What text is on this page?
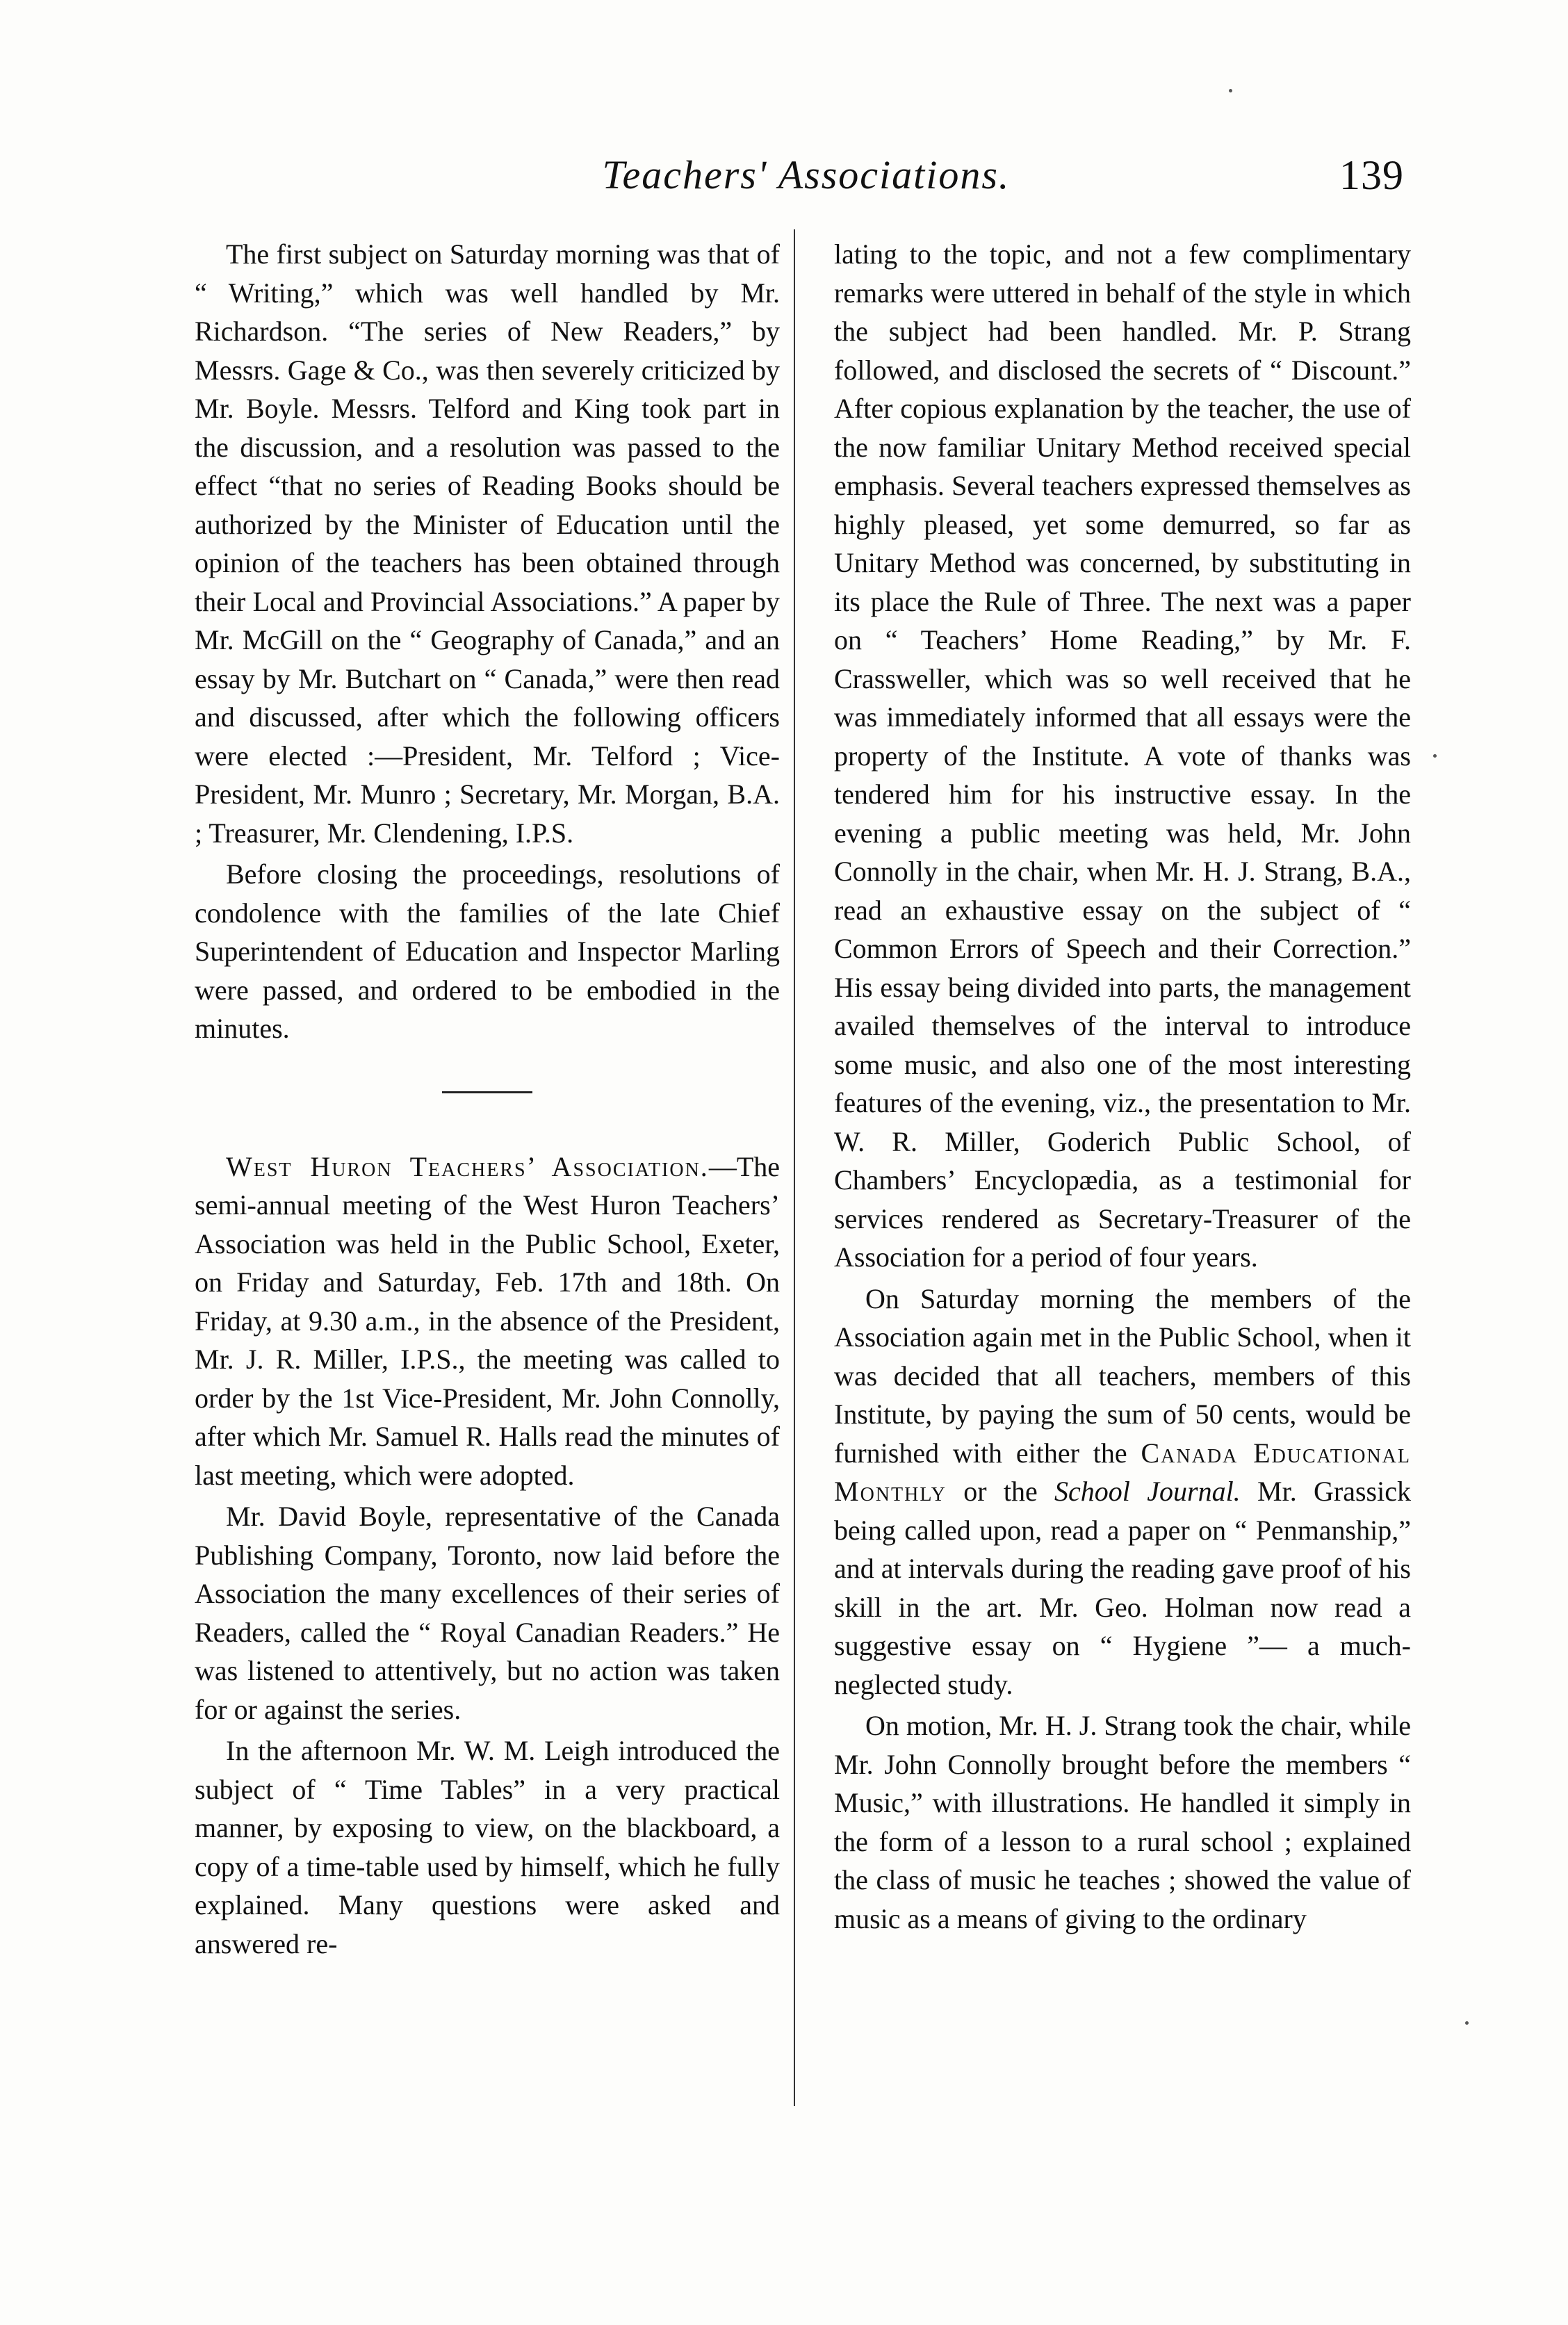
Teachers' Associations.	139

The first subject on Saturday morning was that of “ Writing,” which was well handled by Mr. Richardson. “The series of New Readers,” by Messrs. Gage & Co., was then severely criticized by Mr. Boyle. Messrs. Telford and King took part in the discussion, and a resolution was passed to the effect “that no series of Reading Books should be authorized by the Minister of Education until the opinion of the teachers has been obtained through their Local and Provincial Associations.” A paper by Mr. McGill on the “ Geography of Canada,” and an essay by Mr. Butchart on “ Canada,” were then read and discussed, after which the following officers were elected :—President, Mr. Telford ; Vice-President, Mr. Munro ; Secretary, Mr. Morgan, B.A. ; Treasurer, Mr. Clendening, I.P.S.

Before closing the proceedings, resolutions of condolence with the families of the late Chief Superintendent of Education and Inspector Marling were passed, and ordered to be embodied in the minutes.

West Huron Teachers’ Association.—The semi-annual meeting of the West Huron Teachers’ Association was held in the Public School, Exeter, on Friday and Saturday, Feb. 17th and 18th. On Friday, at 9.30 a.m., in the absence of the President, Mr. J. R. Miller, I.P.S., the meeting was called to order by the 1st Vice-President, Mr. John Connolly, after which Mr. Samuel R. Halls read the minutes of last meeting, which were adopted.

Mr. David Boyle, representative of the Canada Publishing Company, Toronto, now laid before the Association the many excellences of their series of Readers, called the “ Royal Canadian Readers.” He was listened to attentively, but no action was taken for or against the series.

In the afternoon Mr. W. M. Leigh introduced the subject of “ Time Tables” in a very practical manner, by exposing to view, on the blackboard, a copy of a time-table used by himself, which he fully explained. Many questions were asked and answered re-

lating to the topic, and not a few complimentary remarks were uttered in behalf of the style in which the subject had been handled. Mr. P. Strang followed, and disclosed the secrets of “ Discount.” After copious explanation by the teacher, the use of the now familiar Unitary Method received special emphasis. Several teachers expressed themselves as highly pleased, yet some demurred, so far as Unitary Method was concerned, by substituting in its place the Rule of Three. The next was a paper on “ Teachers’ Home Reading,” by Mr. F. Crassweller, which was so well received that he was immediately informed that all essays were the property of the Institute. A vote of thanks was tendered him for his instructive essay. In the evening a public meeting was held, Mr. John Connolly in the chair, when Mr. H. J. Strang, B.A., read an exhaustive essay on the subject of “ Common Errors of Speech and their Correction.” His essay being divided into parts, the management availed themselves of the interval to introduce some music, and also one of the most interesting features of the evening, viz., the presentation to Mr. W. R. Miller, Goderich Public School, of Chambers’ Encyclopædia, as a testimonial for services rendered as Secretary-Treasurer of the Association for a period of four years.

On Saturday morning the members of the Association again met in the Public School, when it was decided that all teachers, members of this Institute, by paying the sum of 50 cents, would be furnished with either the Canada Educational Monthly or the School Journal. Mr. Grassick being called upon, read a paper on “ Penmanship,” and at intervals during the reading gave proof of his skill in the art. Mr. Geo. Holman now read a suggestive essay on “ Hygiene ”— a much-neglected study.

On motion, Mr. H. J. Strang took the chair, while Mr. John Connolly brought before the members “ Music,” with illustrations. He handled it simply in the form of a lesson to a rural school ; explained the class of music he teaches ; showed the value of music as a means of giving to the ordinary
